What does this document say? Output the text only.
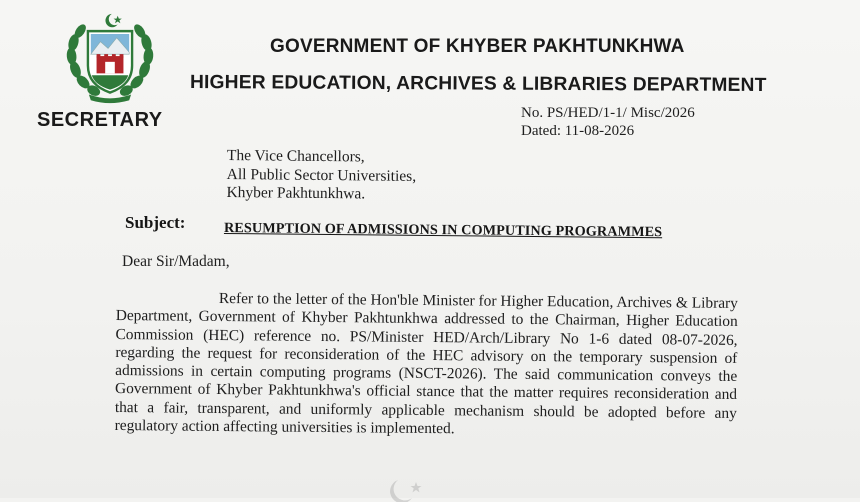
GOVERNMENT OF KHYBER PAKHTUNKHWA
HIGHER EDUCATION, ARCHIVES & LIBRARIES DEPARTMENT
SECRETARY	No. PS/HED/1-1/ Misc/2026
Dated: 11-08-2026
The Vice Chancellors,
All Public Sector Universities,
Khyber Pakhtunkhwa.
Subject:	RESUMPTION OF ADMISSIONS IN COMPUTING PROGRAMMES
Dear Sir/Madam,
Refer to the letter of the Hon'ble Minister for Higher Education, Archives & Library Department, Government of Khyber Pakhtunkhwa addressed to the Chairman, Higher Education Commission (HEC) reference no. PS/Minister HED/Arch/Library No 1-6 dated 08-07-2026, regarding the request for reconsideration of the HEC advisory on the temporary suspension of admissions in certain computing programs (NSCT-2026). The said communication conveys the Government of Khyber Pakhtunkhwa's official stance that the matter requires reconsideration and that a fair, transparent, and uniformly applicable mechanism should be adopted before any regulatory action affecting universities is implemented.
